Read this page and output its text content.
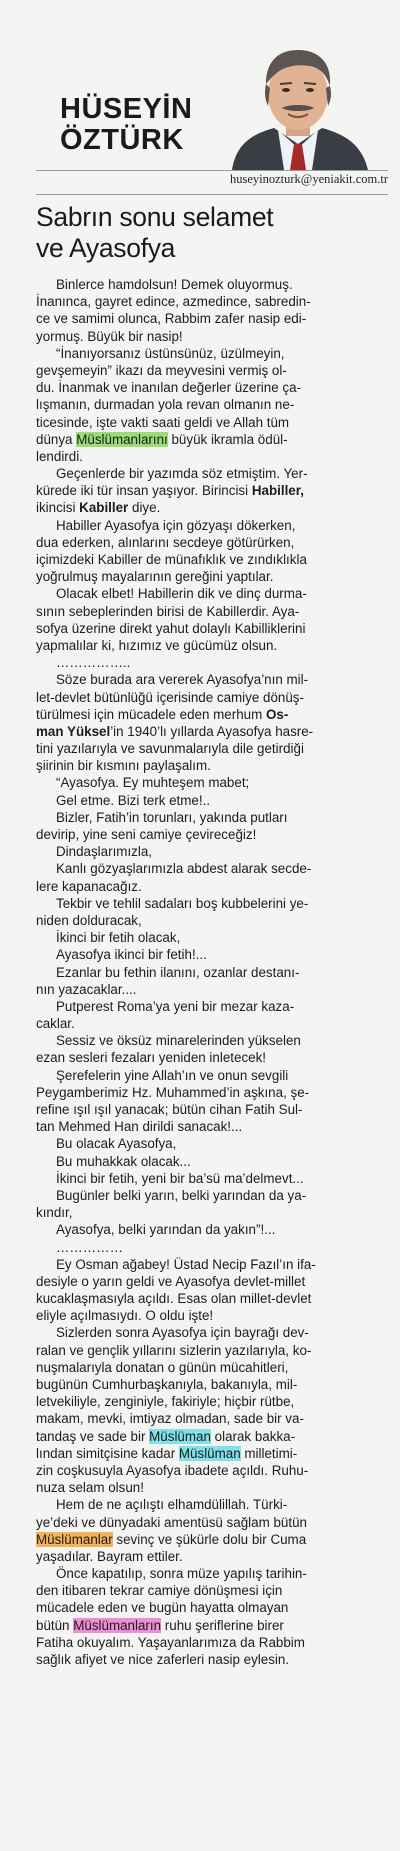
HÜSEYİN
ÖZTÜRK
huseyinozturk@yeniakit.com.tr
Sabrın sonu selamet
ve Ayasofya
Binlerce hamdolsun! Demek oluyormuş.
İnanınca, gayret edince, azmedince, sabredin-
ce ve samimi olunca, Rabbim zafer nasip edi-
yormuş. Büyük bir nasip!
“İnanıyorsanız üstünsünüz, üzülmeyin,
gevşemeyin” ikazı da meyvesini vermiş ol-
du. İnanmak ve inanılan değerler üzerine ça-
lışmanın, durmadan yola revan olmanın ne-
ticesinde, işte vakti saati geldi ve Allah tüm
dünya Müslümanlarını büyük ikramla ödül-
lendirdi.
Geçenlerde bir yazımda söz etmiştim. Yer-
kürede iki tür insan yaşıyor. Birincisi Habiller,
ikincisi Kabiller diye.
Habiller Ayasofya için gözyaşı dökerken,
dua ederken, alınlarını secdeye götürürken,
içimizdeki Kabiller de münafıklık ve zındıklıkla
yoğrulmuş mayalarının gereğini yaptılar.
Olacak elbet! Habillerin dik ve dinç durma-
sının sebeplerinden birisi de Kabillerdir. Aya-
sofya üzerine direkt yahut dolaylı Kabilliklerini
yapmalılar ki, hızımız ve gücümüz olsun.
……………..
Söze burada ara vererek Ayasofya’nın mil-
let-devlet bütünlüğü içerisinde camiye dönüş-
türülmesi için mücadele eden merhum Os-
man Yüksel’in 1940’lı yıllarda Ayasofya hasre-
tini yazılarıyla ve savunmalarıyla dile getirdiği
şiirinin bir kısmını paylaşalım.
“Ayasofya. Ey muhteşem mabet;
Gel etme. Bizi terk etme!..
Bizler, Fatih’in torunları, yakında putları
devirip, yine seni camiye çevireceğiz!
Dindaşlarımızla,
Kanlı gözyaşlarımızla abdest alarak secde-
lere kapanacağız.
Tekbir ve tehlil sadaları boş kubbelerini ye-
niden dolduracak,
İkinci bir fetih olacak,
Ayasofya ikinci bir fetih!...
Ezanlar bu fethin ilanını, ozanlar destanı-
nın yazacaklar....
Putperest Roma’ya yeni bir mezar kaza-
caklar.
Sessiz ve öksüz minarelerinden yükselen
ezan sesleri fezaları yeniden inletecek!
Şerefelerin yine Allah’ın ve onun sevgili
Peygamberimiz Hz. Muhammed’in aşkına, şe-
refine ışıl ışıl yanacak; bütün cihan Fatih Sul-
tan Mehmed Han dirildi sanacak!...
Bu olacak Ayasofya,
Bu muhakkak olacak...
İkinci bir fetih, yeni bir ba’sü ma’delmevt...
Bugünler belki yarın, belki yarından da ya-
kındır,
Ayasofya, belki yarından da yakın”!...
……………
Ey Osman ağabey! Üstad Necip Fazıl’ın ifa-
desiyle o yarın geldi ve Ayasofya devlet-millet
kucaklaşmasıyla açıldı. Esas olan millet-devlet
eliyle açılmasıydı. O oldu işte!
Sizlerden sonra Ayasofya için bayrağı dev-
ralan ve gençlik yıllarını sizlerin yazılarıyla, ko-
nuşmalarıyla donatan o günün mücahitleri,
bugünün Cumhurbaşkanıyla, bakanıyla, mil-
letvekiliyle, zenginiyle, fakiriyle; hiçbir rütbe,
makam, mevki, imtiyaz olmadan, sade bir va-
tandaş ve sade bir Müslüman olarak bakka-
lından simitçisine kadar Müslüman milletimi-
zin coşkusuyla Ayasofya ibadete açıldı. Ruhu-
nuza selam olsun!
Hem de ne açılıştı elhamdülillah. Türki-
ye’deki ve dünyadaki amentüsü sağlam bütün
Müslümanlar sevinç ve şükürle dolu bir Cuma
yaşadılar. Bayram ettiler.
Önce kapatılıp, sonra müze yapılış tarihin-
den itibaren tekrar camiye dönüşmesi için
mücadele eden ve bugün hayatta olmayan
bütün Müslümanların ruhu şeriflerine birer
Fatiha okuyalım. Yaşayanlarımıza da Rabbim
sağlık afiyet ve nice zaferleri nasip eylesin.
